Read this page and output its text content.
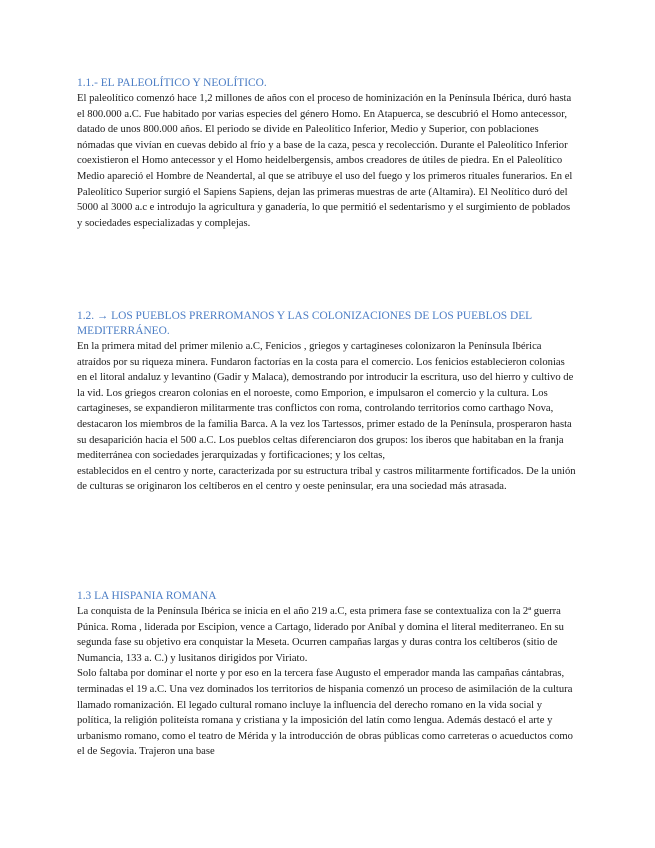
1.1.- EL PALEOLÍTICO Y NEOLÍTICO.

El paleolítico comenzó hace 1,2 millones de años con el proceso de hominización en la Península Ibérica, duró hasta el 800.000 a.C. Fue habitado por varias especies del género Homo. En Atapuerca, se descubrió el Homo antecessor, datado de unos 800.000 años. El periodo se divide en Paleolítico Inferior, Medio y Superior, con poblaciones nómadas que vivían en cuevas debido al frío y a base de la caza, pesca y recolección. Durante el Paleolítico Inferior coexistieron el Homo antecessor y el Homo heidelbergensis, ambos creadores de útiles de piedra. En el Paleolítico Medio apareció el Hombre de Neandertal, al que se atribuye el uso del fuego y los primeros rituales funerarios. En el Paleolítico Superior surgió el Sapiens Sapiens, dejan las primeras muestras de arte (Altamira). El Neolítico duró del 5000 al 3000 a.c e introdujo la agricultura y ganadería, lo que permitió el sedentarismo y el surgimiento de poblados y sociedades especializadas y complejas.

1.2. → LOS PUEBLOS PRERROMANOS Y LAS COLONIZACIONES DE LOS PUEBLOS DEL MEDITERRÁNEO.

En la primera mitad del primer milenio a.C, Fenicios , griegos y cartagineses colonizaron la Península Ibérica atraídos por su riqueza minera. Fundaron factorías en la costa para el comercio. Los fenicios establecieron colonias en el litoral andaluz y levantino (Gadir y Malaca), demostrando por introducir la escritura, uso del hierro y cultivo de la vid. Los griegos crearon colonias en el noroeste, como Emporion, e impulsaron el comercio y la cultura. Los cartagineses, se expandieron militarmente tras conflictos con roma, controlando territorios como carthago Nova, destacaron los miembros de la familia Barca. A la vez los Tartessos, primer estado de la Península, prosperaron hasta su desaparición hacia el 500 a.C. Los pueblos celtas diferenciaron dos grupos: los iberos que habitaban en la franja mediterránea con sociedades jerarquizadas y fortificaciones; y los celtas,

establecidos en el centro y norte, caracterizada por su estructura tribal y castros militarmente fortificados. De la unión de culturas se originaron los celtíberos en el centro y oeste peninsular, era una sociedad más atrasada.

1.3 LA HISPANIA ROMANA

La conquista de la Península Ibérica se inicia en el año 219 a.C, esta primera fase se contextualiza con la 2ª guerra Púnica. Roma , liderada por Escipion, vence a Cartago, liderado por Aníbal y domina el literal mediterraneo. En su segunda fase su objetivo era conquistar la Meseta. Ocurren campañas largas y duras contra los celtíberos (sitio de Numancia, 133 a. C.) y lusitanos dirigidos por Viriato.

Solo faltaba por dominar el norte y por eso en la tercera fase Augusto el emperador manda las campañas cántabras, terminadas el 19 a.C. Una vez dominados los territorios de hispania comenzó un proceso de asimilación de la cultura llamado romanización. El legado cultural romano incluye la influencia del derecho romano en la vida social y política, la religión politeísta romana y cristiana y la imposición del latín como lengua. Además destacó el arte y urbanismo romano, como el teatro de Mérida y la introducción de obras públicas como carreteras o acueductos como el de Segovia. Trajeron una base
